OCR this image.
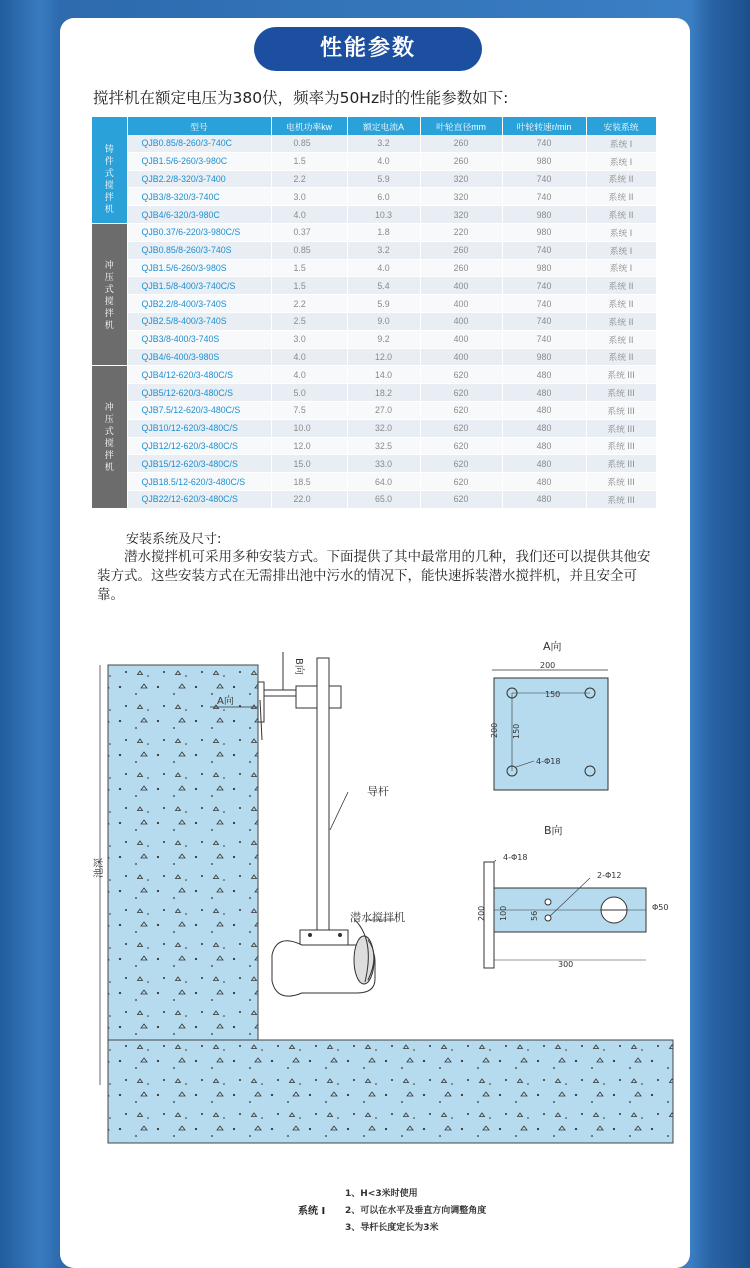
性能参数
搅拌机在额定电压为380伏，频率为50Hz时的性能参数如下:
	型号	电机功率kw	额定电流A	叶轮直径mm	叶轮转速r/min	安装系统
铸件式搅拌机	QJB0.85/8-260/3-740C	0.85	3.2	260	740	系统 I
	QJB1.5/6-260/3-980C	1.5	4.0	260	980	系统 I
	QJB2.2/8-320/3-7400	2.2	5.9	320	740	系统 II
	QJB3/8-320/3-740C	3.0	6.0	320	740	系统 II
	QJB4/6-320/3-980C	4.0	10.3	320	980	系统 II
冲压式搅拌机	QJB0.37/6-220/3-980C/S	0.37	1.8	220	980	系统 I
	QJB0.85/8-260/3-740S	0.85	3.2	260	740	系统 I
	QJB1.5/6-260/3-980S	1.5	4.0	260	980	系统 I
	QJB1.5/8-400/3-740C/S	1.5	5.4	400	740	系统 II
	QJB2.2/8-400/3-740S	2.2	5.9	400	740	系统 II
	QJB2.5/8-400/3-740S	2.5	9.0	400	740	系统 II
	QJB3/8-400/3-740S	3.0	9.2	400	740	系统 II
	QJB4/6-400/3-980S	4.0	12.0	400	980	系统 II
冲压式搅拌机	QJB4/12-620/3-480C/S	4.0	14.0	620	480	系统 III
	QJB5/12-620/3-480C/S	5.0	18.2	620	480	系统 III
	QJB7.5/12-620/3-480C/S	7.5	27.0	620	480	系统 III
	QJB10/12-620/3-480C/S	10.0	32.0	620	480	系统 III
	QJB12/12-620/3-480C/S	12.0	32.5	620	480	系统 III
	QJB15/12-620/3-480C/S	15.0	33.0	620	480	系统 III
	QJB18.5/12-620/3-480C/S	18.5	64.0	620	480	系统 III
	QJB22/12-620/3-480C/S	22.0	65.0	620	480	系统 III
安装系统及尺寸:
潜水搅拌机可采用多种安装方式。下面提供了其中最常用的几种，我们还可以提供其他安装方式。这些安装方式在无需排出池中污水的情况下，能快速拆装潜水搅拌机，并且安全可靠。
池深
B向
A向
导杆
潜水搅拌机
A向
200
150
200 150
4-Φ18
B向
4-Φ18
Φ50
2-Φ12
200 100	56
300
系统 I
1、H<3米时使用
2、可以在水平及垂直方向调整角度
3、导杆长度定长为3米
